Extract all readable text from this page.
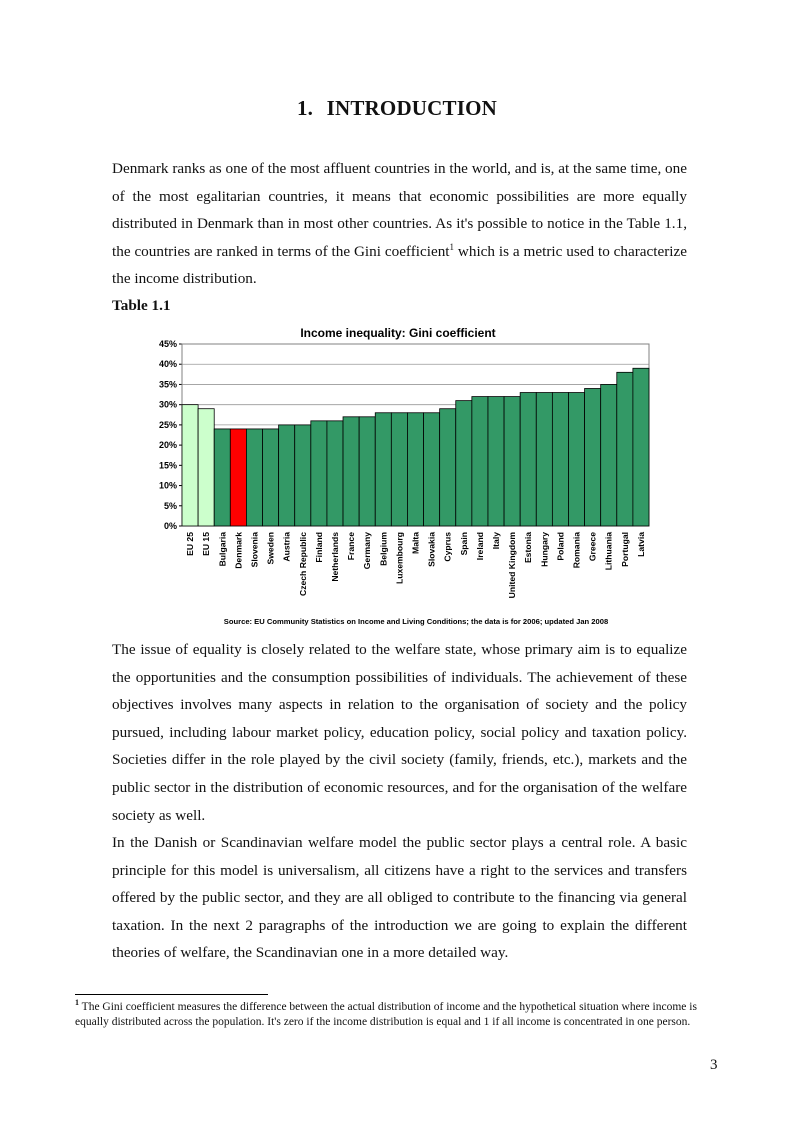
1. INTRODUCTION

Denmark ranks as one of the most affluent countries in the world, and is, at the same time, one of the most egalitarian countries, it means that economic possibilities are more equally distributed in Denmark than in most other countries. As it's possible to notice in the Table 1.1, the countries are ranked in terms of the Gini coefficient$^1$ which is a metric used to characterize the income distribution.

Table 1.1
Income inequality: Gini coefficient
0%
5%
10%
15%
20%
25%
30%
35%
40%
45%
EU 25 EU 15 Bulgaria Denmark Slovenia Sweden Austria Czech Republic Finland Netherlands France Germany Belgium Luxembourg Malta Slovakia Cyprus Spain Ireland Italy United Kingdom Estonia Hungary Poland Romania Greece Lithuania Portugal Latvia
Source: EU Community Statistics on Income and Living Conditions; the data is for 2006; updated Jan 2008

The issue of equality is closely related to the welfare state, whose primary aim is to equalize the opportunities and the consumption possibilities of individuals. The achievement of these objectives involves many aspects in relation to the organisation of society and the policy pursued, including labour market policy, education policy, social policy and taxation policy. Societies differ in the role played by the civil society (family, friends, etc.), markets and the public sector in the distribution of economic resources, and for the organisation of the welfare society as well.

In the Danish or Scandinavian welfare model the public sector plays a central role. A basic principle for this model is universalism, all citizens have a right to the services and transfers offered by the public sector, and they are all obliged to contribute to the financing via general taxation. In the next 2 paragraphs of the introduction we are going to explain the different theories of welfare, the Scandinavian one in a more detailed way.

$^1$ The Gini coefficient measures the difference between the actual distribution of income and the hypothetical situation where income is equally distributed across the population. It's zero if the income distribution is equal and 1 if all income is concentrated in one person.

3
